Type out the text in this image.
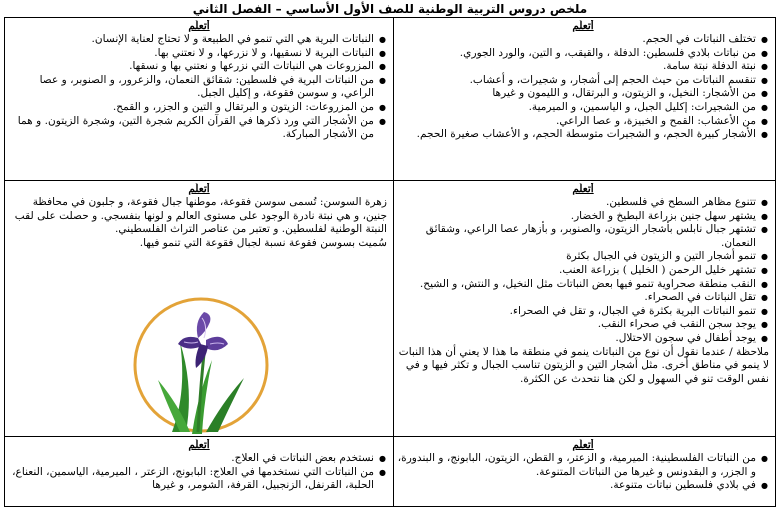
ملخص دروس التربية الوطنية للصف الأول الأساسي – الفصل الثاني
أتعلّم
● تختلف النباتات في الحجم.
● من نباتات بلادي فلسطين: الدفلة ، والقيقب، و التين، والورد الجوري.
● نبتة الدفلة نبتة سامة.
● تنقسم النباتات من حيث الحجم إلى أشجار، و شجيرات، و أعشاب.
● من الأشجار: النخيل، و الزيتون، و البرتقال، و الليمون و غيرها
● من الشجيرات: إكليل الجبل، و الياسمين، و الميرمية.
● من الأعشاب: القمح و الخبيزة، و عصا الراعي.
● الأشجار كبيرة الحجم، و الشجيرات متوسطة الحجم، و الأعشاب صغيرة الحجم.
أتعلّم
● النباتات البرية هي التي تنمو في الطبيعة و لا تحتاج لعناية الإنسان.
● النباتات البرية لا نسقيها، و لا نزرعها، و لا نعتني بها.
● المزروعات هي النباتات التي نزرعها و نعتني بها و نسقها.
● من النباتات البرية في فلسطين: شقائق النعمان، والزعرور، و الصنوبر، و عصا الراعي، و سوسن فقوعة، و إكليل الجبل.
● من المزروعات: الزيتون و البرتقال و التين و الجزر، و القمح.
● من الأشجار التي ورد ذكرها في القرآن الكريم شجرة التين، وشجرة الزيتون. و هما من الأشجار المباركة.
أتعلّم
● تتنوع مظاهر السطح في فلسطين.
● يشتهر سهل جنين بزراعة البطيخ و الخضار.
● تشتهر جبال نابلس بأشجار الزيتون، والصنوبر، و بأزهار عصا الراعي، وشقائق النعمان.
● تنمو أشجار التين و الزيتون في الجبال بكثرة
● تشتهر خليل الرحمن ( الخليل ) بزراعة العنب.
● النقب منطقة صحراوية تنمو فيها بعض النباتات مثل النخيل، و النتش، و الشيح.
● تقل النباتات في الصحراء.
● تنمو النباتات البرية بكثرة في الجبال، و تقل في الصحراء.
● يوجد سجن النقب في صحراء النقب.
● يوجد أطفال في سجون الاحتلال.

ملاحظة / عندما نقول أن نوع من النباتات ينمو في منطقة ما هذا لا يعني أن هذا النبات لا ينمو في مناطق أخرى. مثل أشجار التين و الزيتون تناسب الجبال و تكثر فيها و في نفس الوقت تنو في السهول و لكن هنا نتحدث عن الكثرة.

أتعلّم

زهرة السوسن: تُسمى سوسن فقوعة، موطنها جبال فقوعة، و جلبون في محافظة جنين، و هي نبتة نادرة الوجود على مستوى العالم و لونها بنفسجي. و حصلت على لقب النبتة الوطنية لفلسطين. و تعتبر من عناصر التراث الفلسطيني.

سُميت بسوسن فقوعة نسبة لجبال فقوعة التي تنمو فيها.

أتعلّم
● من النباتات الفلسطينية: الميرمية، و الزعتر، و القطن، الزيتون، البابونج، و البندورة، و الجزر، و البقدونس و غيرها من النباتات المتنوعة.
● في بلادي فلسطين نباتات متنوعة.
أتعلّم
● نستخدم بعض النباتات في العلاج.
● من النباتات التي نستخدمها في العلاج: البابونج، الزعتر ، الميرمية، الياسمين، النعناع، الحلبة، القرنفل، الزنجبيل، القرفة، الشومر، و غيرها
